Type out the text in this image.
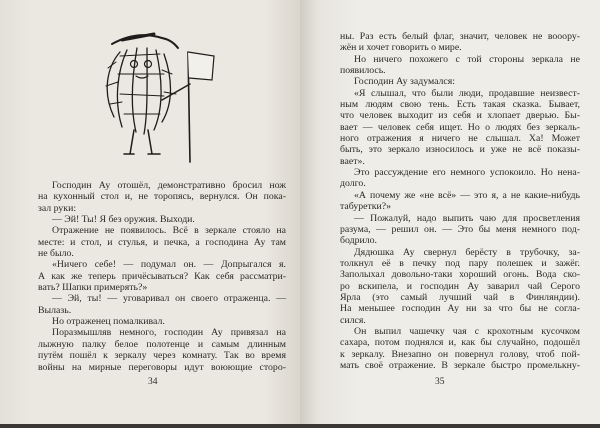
Господин Ау отошёл, демонстративно бросил нож
на кухонный стол и, не торопясь, вернулся. Он пока-
зал руки:
— Эй! Ты! Я без оружия. Выходи.
Отражение не появилось. Всё в зеркале стояло на
месте: и стол, и стулья, и печка, а господина Ау там
не было.
«Ничего себе! — подумал он. — Допрыгался я.
А как же теперь причёсываться? Как себя рассматри-
вать? Шапки примерять?»
— Эй, ты! — уговаривал он своего отраженца. —
Вылазь.
Но отраженец помалкивал.
Поразмышляв немного, господин Ау привязал на
лыжную палку белое полотенце и самым длинным
путём пошёл к зеркалу через комнату. Так во время
войны на мирные переговоры идут воюющие сторо-
34
ны. Раз есть белый флаг, значит, человек не вооору-
жён и хочет говорить о мире.
Но ничего похожего с той стороны зеркала не
появилось.
Господин Ау задумался:
«Я слышал, что были люди, продавшие неизвест-
ным людям свою тень. Есть такая сказка. Бывает,
что человек выходит из себя и хлопает дверью. Бы-
вает — человек себя ищет. Но о людях без зеркаль-
ного отражения я ничего не слышал. Ха! Может
быть, это зеркало износилось и уже не всё показы-
вает».
Это рассуждение его немного успокоило. Но нена-
долго.
«А почему же «не всё» — это я, а не какие-нибудь
табуретки?»
— Пожалуй, надо выпить чаю для просветления
разума, — решил он. — Это бы меня немного под-
бодрило.
Дядюшка Ау свернул берёсту в трубочку, за-
толкнул её в печку под пару полешек и зажёг.
Заполыхал довольно-таки хороший огонь. Вода ско-
ро вскипела, и господин Ау заварил чай Серого
Ярла (это самый лучший чай в Финляндии).
На меньшее господин Ау ни за что бы не согла-
сился.
Он выпил чашечку чая с крохотным кусочком
сахара, потом поднялся и, как бы случайно, подошёл
к зеркалу. Внезапно он повернул голову, чтоб пой-
мать своё отражение. В зеркале быстро промелькну-
35
